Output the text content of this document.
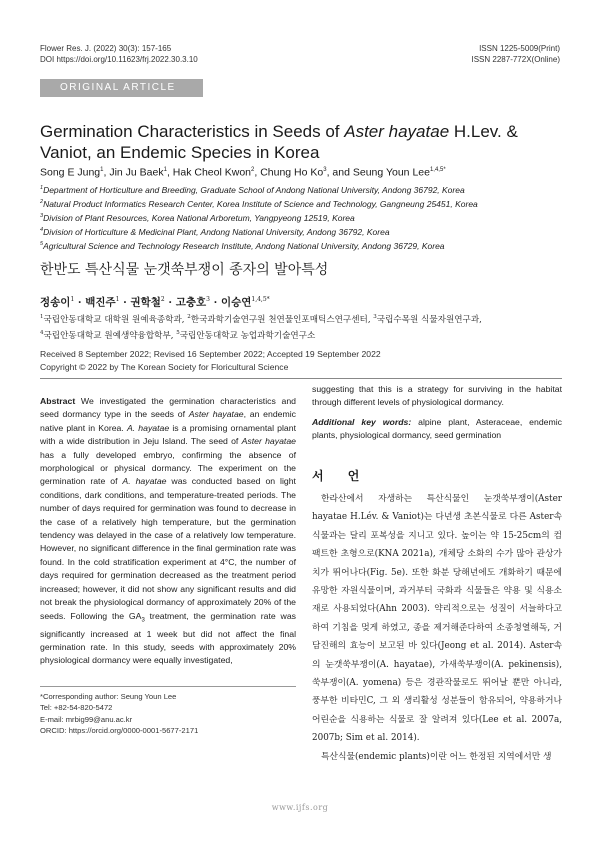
Flower Res. J. (2022) 30(3): 157-165
DOI https://doi.org/10.11623/frj.2022.30.3.10
ISSN 1225-5009(Print)
ISSN 2287-772X(Online)
ORIGINAL ARTICLE
Germination Characteristics in Seeds of Aster hayatae H.Lev. & Vaniot, an Endemic Species in Korea
Song E Jung$^1$, Jin Ju Baek$^1$, Hak Cheol Kwon$^2$, Chung Ho Ko$^3$, and Seung Youn Lee$^{1,4,5*}$
$^1$Department of Horticulture and Breeding, Graduate School of Andong National University, Andong 36792, Korea
$^2$Natural Product Informatics Research Center, Korea Institute of Science and Technology, Gangneung 25451, Korea
$^3$Division of Plant Resources, Korea National Arboretum, Yangpyeong 12519, Korea
$^4$Division of Horticulture & Medicinal Plant, Andong National University, Andong 36792, Korea
$^5$Agricultural Science and Technology Research Institute, Andong National University, Andong 36729, Korea
한반도 특산식물 눈갯쑥부쟁이 종자의 발아특성
정송이$^1$ · 백진주$^1$ · 권학철$^2$ · 고충호$^3$ · 이승연$^{1,4,5*}$
$^1$국립안동대학교 대학원 원예육종학과, $^2$한국과학기술연구원 천연물인포매틱스연구센터, $^3$국립수목원 식물자원연구과,
$^4$국립안동대학교 원예생약융합학부, $^5$국립안동대학교 농업과학기술연구소
Received 8 September 2022; Revised 16 September 2022; Accepted 19 September 2022
Copyright © 2022 by The Korean Society for Floricultural Science

Abstract We investigated the germination characteristics and seed dormancy type in the seeds of Aster hayatae, an endemic native plant in Korea. A. hayatae is a promising ornamental plant with a wide distribution in Jeju Island. The seed of Aster hayatae has a fully developed embryo, confirming the absence of morphological or physical dormancy. The experiment on the germination rate of A. hayatae was conducted based on light conditions, dark conditions, and temperature-treated periods. The number of days required for germination was found to decrease in the case of a relatively high temperature, but the germination tendency was delayed in the case of a relatively low temperature. However, no significant difference in the final germination rate was found. In the cold stratification experiment at 4°C, the number of days required for germination decreased as the treatment period increased; however, it did not show any significant results and did not break the physiological dormancy of approximately 20% of the seeds. Following the $GA_3$ treatment, the germination rate was significantly increased at 1 week but did not affect the final germination rate. In this study, seeds with approximately 20% physiological dormancy were equally investigated,

suggesting that this is a strategy for surviving in the habitat through different levels of physiological dormancy.

Additional key words: alpine plant, Asteraceae, endemic plants, physiological dormancy, seed germination

서 언

한라산에서 자생하는 특산식물인 눈갯쑥부쟁이(Aster hayatae H.Lév. & Vaniot)는 다년생 초본식물로 다른 Aster속 식물과는 달리 포복성을 지니고 있다. 높이는 약 15-25cm의 컴팩트한 초형으로(KNA 2021a), 개체당 소화의 수가 많아 관상가치가 뛰어나다(Fig. 5e). 또한 화분 당해년에도 개화하기 때문에 유망한 자원식물이며, 과거부터 국화과 식물들은 약용 및 식용소재로 사용되었다(Ahn 2003). 약리적으로는 성질이 서늘하다고하여 기침을 멎게 하였고, 종을 제거해준다하여 소종청열해독, 거담진해의 효능이 보고된 바 있다(Jeong et al. 2014). Aster속의 눈갯쑥부쟁이(A. hayatae), 가새쑥부쟁이(A. pekinensis), 쑥부쟁이(A. yomena) 등은 경관작물로도 뛰어날 뿐만 아니라, 풍부한 비타민C, 그 외 생리활성 성분들이 함유되어, 약용하거나 어린순을 식용하는 식물로 잘 알려져 있다(Lee et al. 2007a, 2007b; Sim et al. 2014).

특산식물(endemic plants)이란 어느 한정된 지역에서만 생

*Corresponding author: Seung Youn Lee
Tel: +82-54-820-5472
E-mail: mrbig99@anu.ac.kr
ORCID: https://orcid.org/0000-0001-5677-2171
www.ijfs.org
